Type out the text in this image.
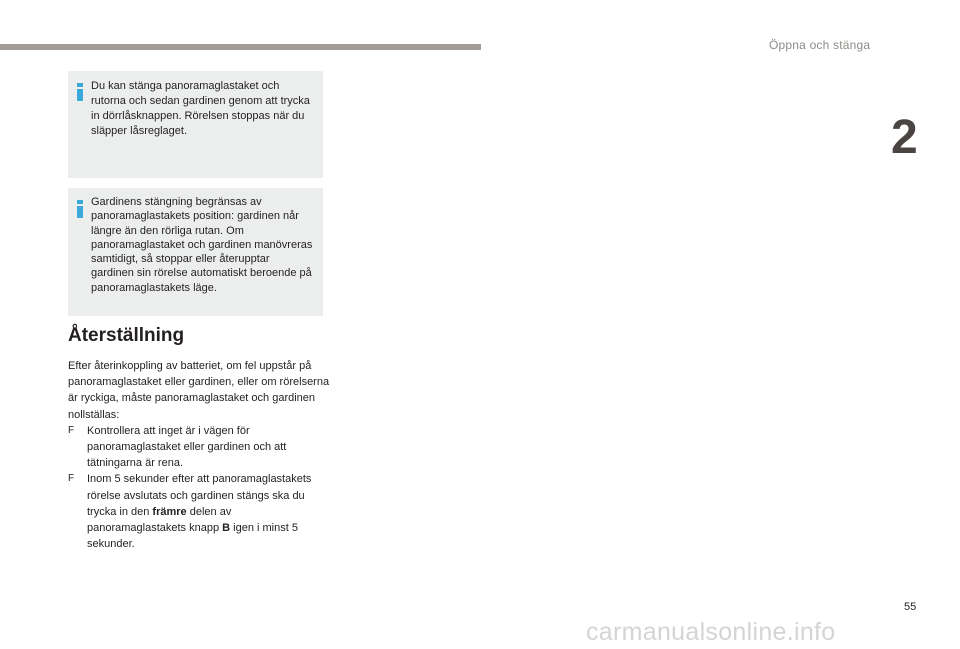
Öppna och stänga
2
Du kan stänga panoramaglastaket och rutorna och sedan gardinen genom att trycka in dörrlåsknappen. Rörelsen stoppas när du släpper låsreglaget.
Gardinens stängning begränsas av panoramaglastakets position: gardinen når längre än den rörliga rutan. Om panoramaglastaket och gardinen manövreras samtidigt, så stoppar eller återupptar gardinen sin rörelse automatiskt beroende på panoramaglastakets läge.
Återställning

Efter återinkoppling av batteriet, om fel uppstår på panoramaglastaket eller gardinen, eller om rörelserna är ryckiga, måste panoramaglastaket och gardinen nollställas:

F Kontrollera att inget är i vägen för panoramaglastaket eller gardinen och att tätningarna är rena.

F Inom 5 sekunder efter att panoramaglastakets rörelse avslutats och gardinen stängs ska du trycka in den främre delen av panoramaglastakets knapp B igen i minst 5 sekunder.

55
carmanualsonline.info
